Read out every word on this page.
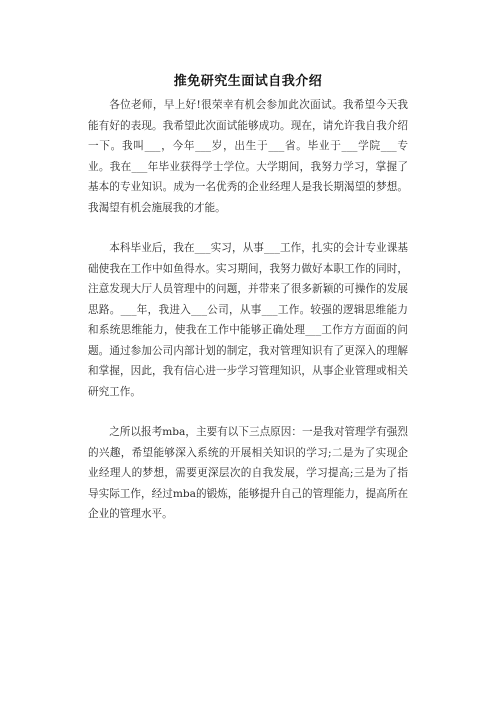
推免研究生面试自我介绍

各位老师，早上好!很荣幸有机会参加此次面试。我希望今天我能有好的表现。我希望此次面试能够成功。现在，请允许我自我介绍一下。我叫___，今年___岁，出生于___省。毕业于___学院___专业。我在___年毕业获得学士学位。大学期间，我努力学习，掌握了基本的专业知识。成为一名优秀的企业经理人是我长期渴望的梦想。我渴望有机会施展我的才能。

本科毕业后，我在___实习，从事___工作，扎实的会计专业课基础使我在工作中如鱼得水。实习期间，我努力做好本职工作的同时，注意发现大厅人员管理中的问题，并带来了很多新颖的可操作的发展思路。___年，我进入___公司，从事___工作。较强的逻辑思维能力和系统思维能力，使我在工作中能够正确处理___工作方方面面的问题。通过参加公司内部计划的制定，我对管理知识有了更深入的理解和掌握，因此，我有信心进一步学习管理知识，从事企业管理或相关研究工作。

之所以报考mba，主要有以下三点原因：一是我对管理学有强烈的兴趣，希望能够深入系统的开展相关知识的学习;二是为了实现企业经理人的梦想，需要更深层次的自我发展，学习提高;三是为了指导实际工作，经过mba的锻炼，能够提升自己的管理能力，提高所在企业的管理水平。
